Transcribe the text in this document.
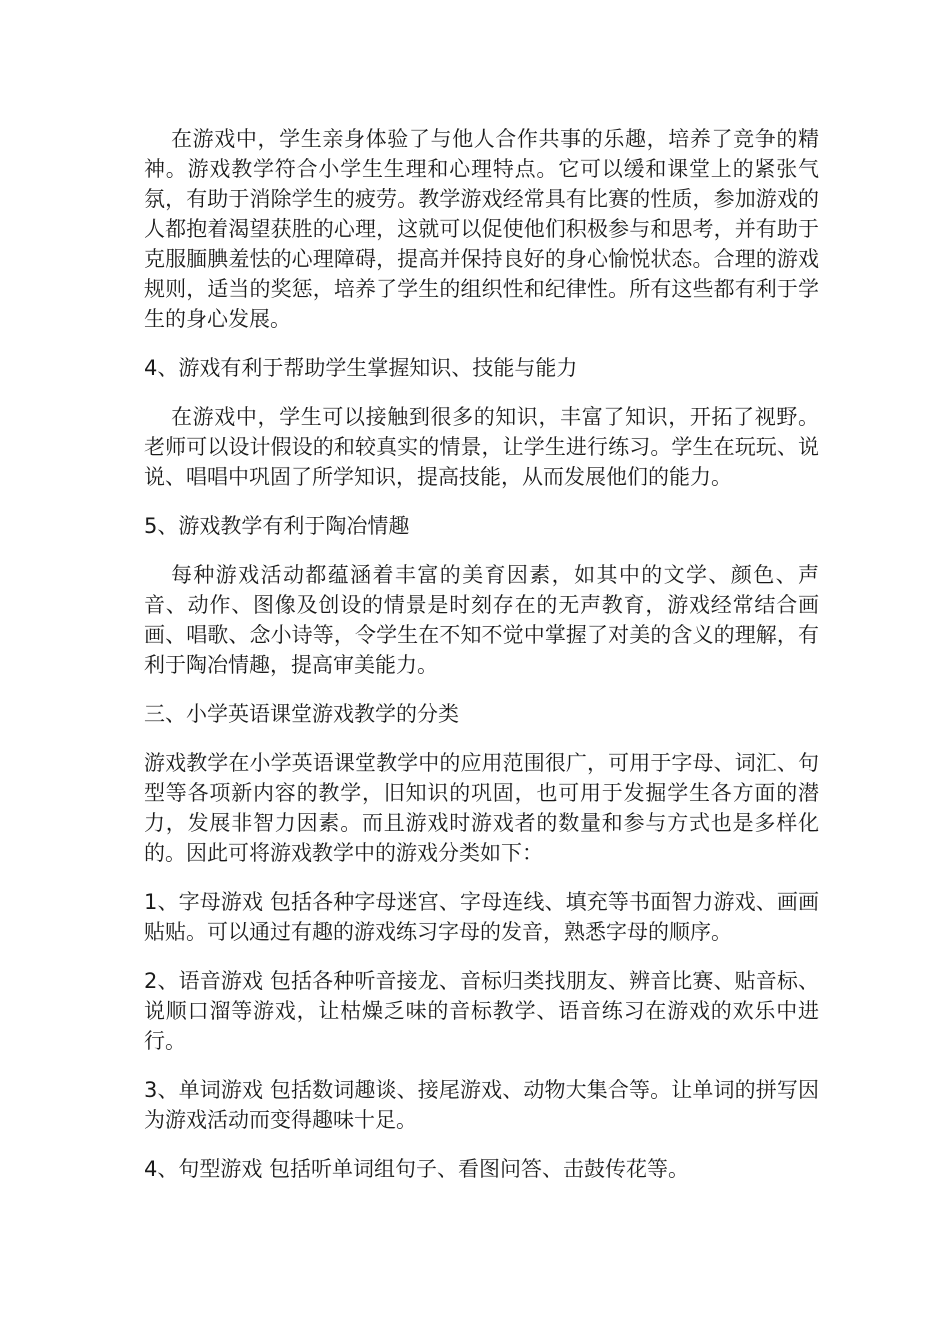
在游戏中，学生亲身体验了与他人合作共事的乐趣，培养了竞争的精神。游戏教学符合小学生生理和心理特点。它可以缓和课堂上的紧张气氛，有助于消除学生的疲劳。教学游戏经常具有比赛的性质，参加游戏的人都抱着渴望获胜的心理，这就可以促使他们积极参与和思考，并有助于克服腼腆羞怯的心理障碍，提高并保持良好的身心愉悦状态。合理的游戏规则，适当的奖惩，培养了学生的组织性和纪律性。所有这些都有利于学生的身心发展。

4、游戏有利于帮助学生掌握知识、技能与能力

在游戏中，学生可以接触到很多的知识，丰富了知识，开拓了视野。老师可以设计假设的和较真实的情景，让学生进行练习。学生在玩玩、说说、唱唱中巩固了所学知识，提高技能，从而发展他们的能力。

5、游戏教学有利于陶冶情趣

每种游戏活动都蕴涵着丰富的美育因素，如其中的文学、颜色、声音、动作、图像及创设的情景是时刻存在的无声教育，游戏经常结合画画、唱歌、念小诗等，令学生在不知不觉中掌握了对美的含义的理解，有利于陶冶情趣，提高审美能力。

三、小学英语课堂游戏教学的分类

游戏教学在小学英语课堂教学中的应用范围很广，可用于字母、词汇、句型等各项新内容的教学，旧知识的巩固，也可用于发掘学生各方面的潜力，发展非智力因素。而且游戏时游戏者的数量和参与方式也是多样化的。因此可将游戏教学中的游戏分类如下：

1、字母游戏 包括各种字母迷宫、字母连线、填充等书面智力游戏、画画贴贴。可以通过有趣的游戏练习字母的发音，熟悉字母的顺序。

2、语音游戏 包括各种听音接龙、音标归类找朋友、辨音比赛、贴音标、说顺口溜等游戏，让枯燥乏味的音标教学、语音练习在游戏的欢乐中进行。

3、单词游戏 包括数词趣谈、接尾游戏、动物大集合等。让单词的拼写因为游戏活动而变得趣味十足。

4、句型游戏 包括听单词组句子、看图问答、击鼓传花等。
